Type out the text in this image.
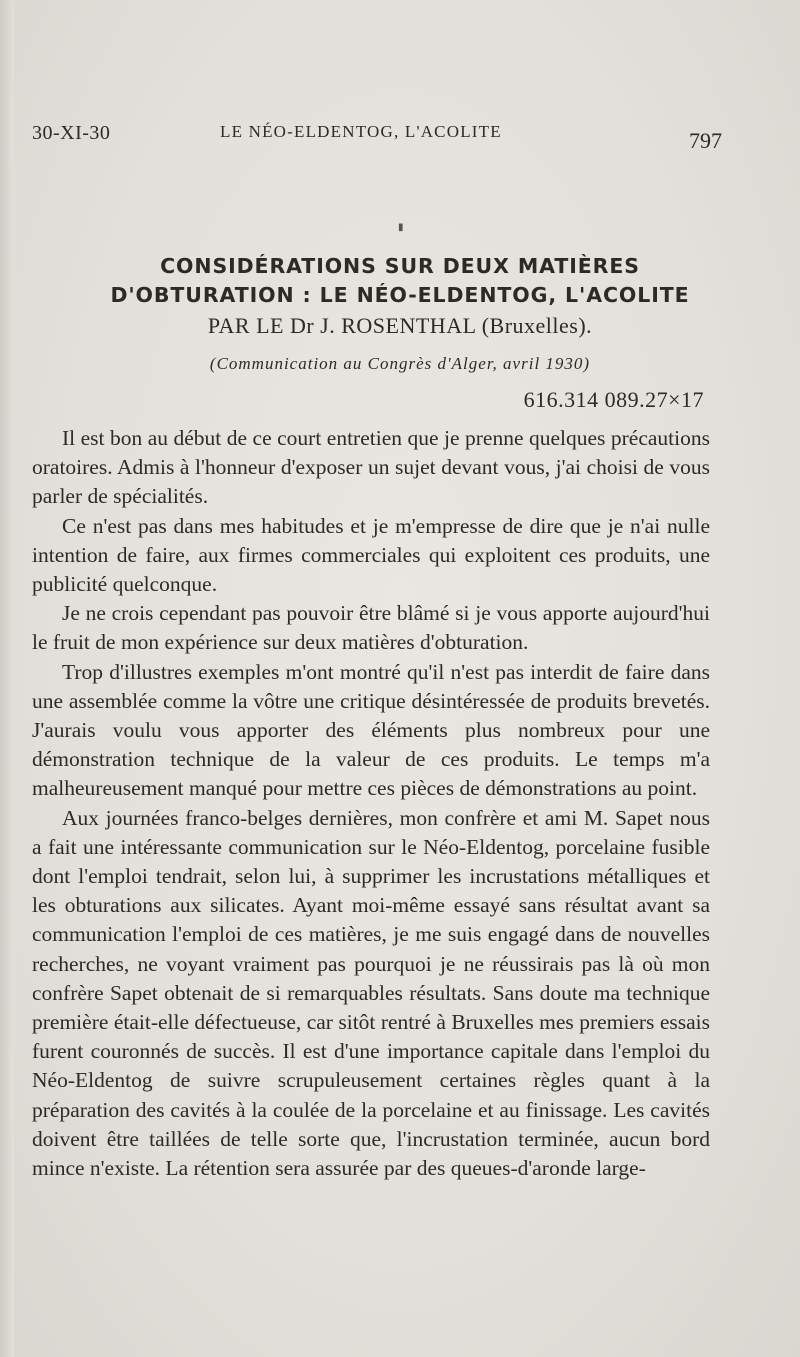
30-XI-30	LE NÉO-ELDENTOG, L'ACOLITE	797
▮
CONSIDÉRATIONS SUR DEUX MATIÈRES
D'OBTURATION : LE NÉO-ELDENTOG, L'ACOLITE
PAR LE Dr J. ROSENTHAL (Bruxelles).
(Communication au Congrès d'Alger, avril 1930)
616.314 089.27×17

Il est bon au début de ce court entretien que je prenne quelques précautions oratoires. Admis à l'honneur d'exposer un sujet devant vous, j'ai choisi de vous parler de spécialités.

Ce n'est pas dans mes habitudes et je m'empresse de dire que je n'ai nulle intention de faire, aux firmes commerciales qui exploitent ces produits, une publicité quelconque.

Je ne crois cependant pas pouvoir être blâmé si je vous apporte aujourd'hui le fruit de mon expérience sur deux matières d'obturation.

Trop d'illustres exemples m'ont montré qu'il n'est pas interdit de faire dans une assemblée comme la vôtre une critique désintéressée de produits brevetés. J'aurais voulu vous apporter des éléments plus nombreux pour une démonstration technique de la valeur de ces produits. Le temps m'a malheureusement manqué pour mettre ces pièces de démonstrations au point.

Aux journées franco-belges dernières, mon confrère et ami M. Sapet nous a fait une intéressante communication sur le Néo-Eldentog, porcelaine fusible dont l'emploi tendrait, selon lui, à supprimer les incrustations métalliques et les obturations aux silicates. Ayant moi-même essayé sans résultat avant sa communication l'emploi de ces matières, je me suis engagé dans de nouvelles recherches, ne voyant vraiment pas pourquoi je ne réussirais pas là où mon confrère Sapet obtenait de si remarquables résultats. Sans doute ma technique première était-elle défectueuse, car sitôt rentré à Bruxelles mes premiers essais furent couronnés de succès. Il est d'une importance capitale dans l'emploi du Néo-Eldentog de suivre scrupuleusement certaines règles quant à la préparation des cavités à la coulée de la porcelaine et au finissage. Les cavités doivent être taillées de telle sorte que, l'incrustation terminée, aucun bord mince n'existe. La rétention sera assurée par des queues-d'aronde large-
